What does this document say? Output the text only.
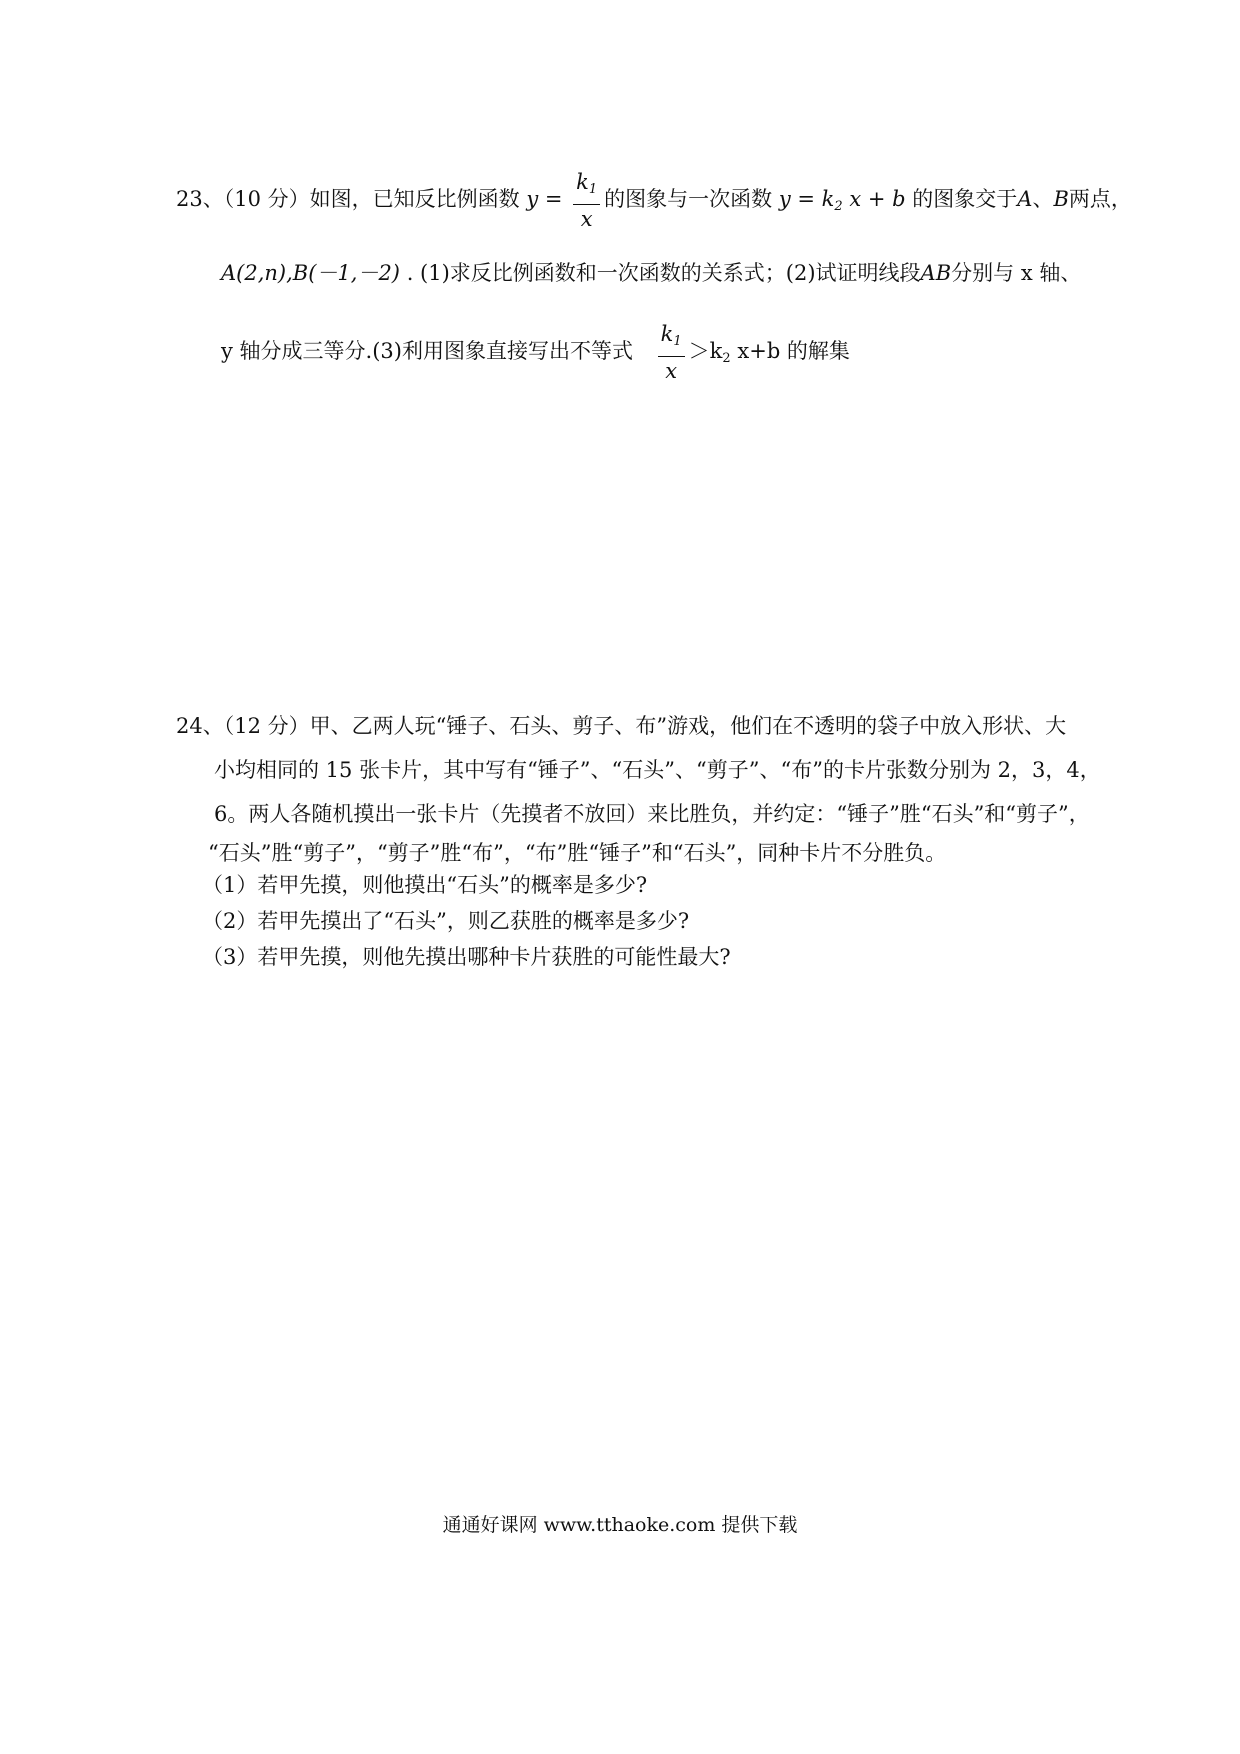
23、（10 分）如图，已知反比例函数 $y = \frac{k_1}{x}$ 的图象与一次函数 $y = k_2$ x + b 的图象交于A、B两点，
A(2,n),B(－1,－2) . (1)求反比例函数和一次函数的关系式；(2)试证明线段AB分别与 x 轴、
y 轴分成三等分.(3)利用图象直接写出不等式 $\frac{k_1}{x} >k_2$ x+b 的解集
24、（12 分）甲、乙两人玩“锤子、石头、剪子、布”游戏，他们在不透明的袋子中放入形状、大
小均相同的 15 张卡片，其中写有“锤子”、“石头”、“剪子”、“布”的卡片张数分别为 2，3，4，
6。两人各随机摸出一张卡片（先摸者不放回）来比胜负，并约定：“锤子”胜“石头”和“剪子”，
“石头”胜“剪子”，“剪子”胜“布”，“布”胜“锤子”和“石头”，同种卡片不分胜负。
（1）若甲先摸，则他摸出“石头”的概率是多少?
（2）若甲先摸出了“石头”，则乙获胜的概率是多少?
（3）若甲先摸，则他先摸出哪种卡片获胜的可能性最大?
通通好课网 www.tthaoke.com 提供下载
